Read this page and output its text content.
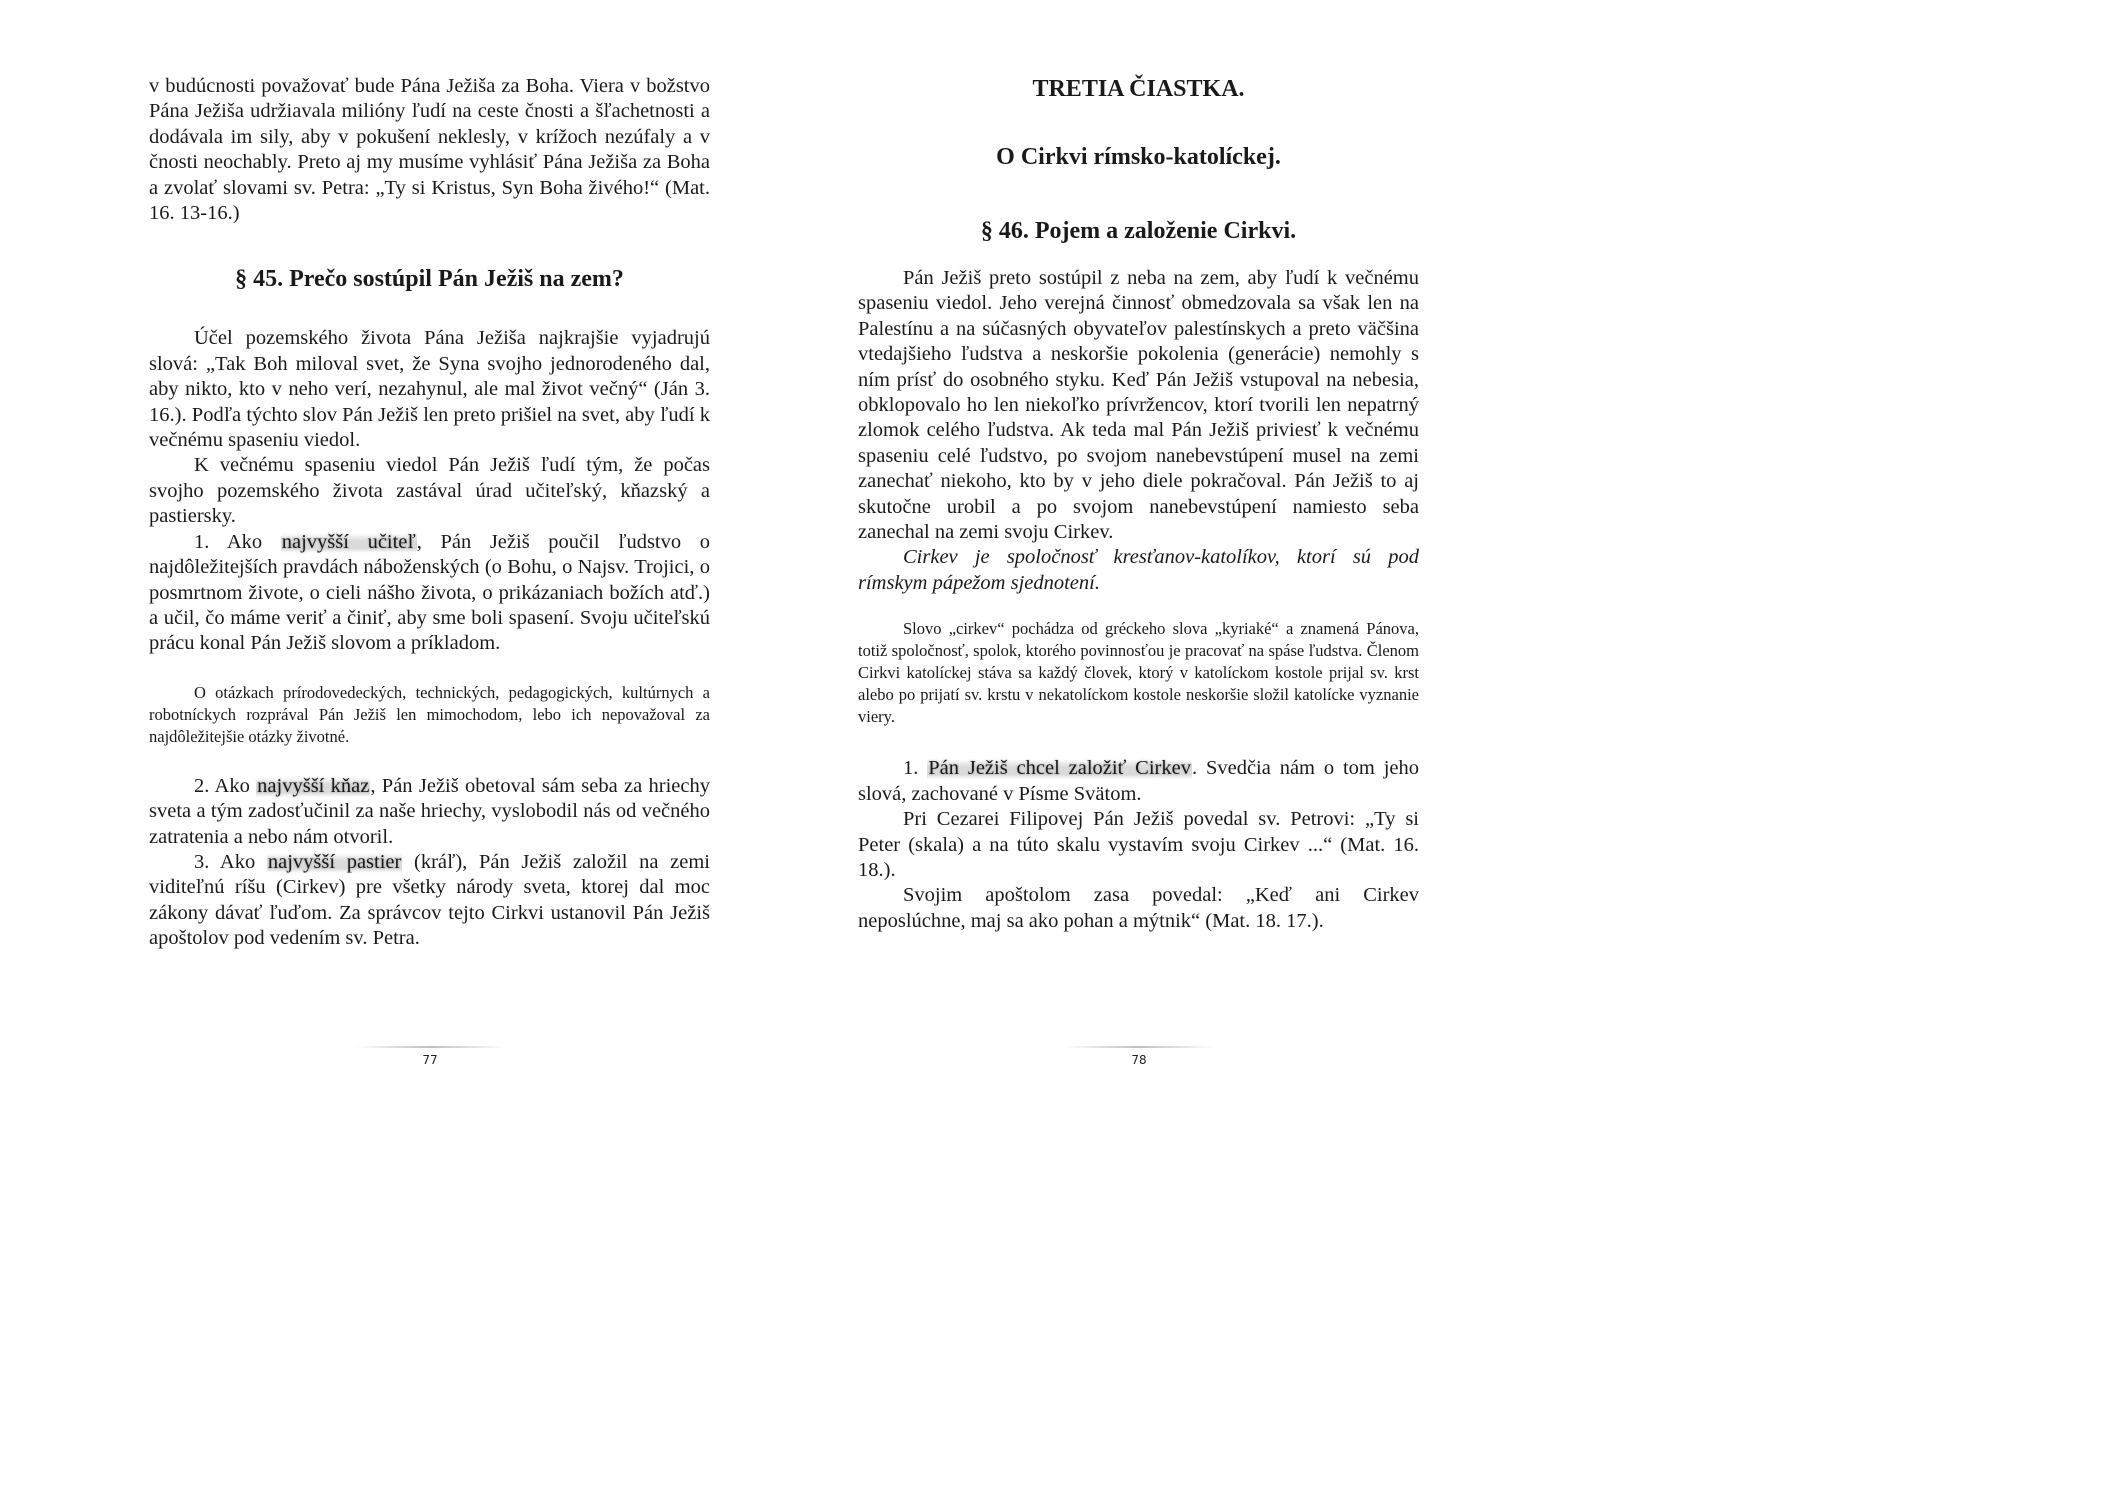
v budúcnosti považovať bude Pána Ježiša za Boha. Viera v božstvo Pána Ježiša udržiavala milióny ľudí na ceste čnosti a šľachetnosti a dodávala im sily, aby v pokušení neklesly, v krížoch nezúfaly a v čnosti neochably. Preto aj my musíme vyhlásiť Pána Ježiša za Boha a zvolať slovami sv. Petra: „Ty si Kristus, Syn Boha živého!“ (Mat. 16. 13-16.)

§ 45. Prečo sostúpil Pán Ježiš na zem?

Účel pozemského života Pána Ježiša najkrajšie vyjadrujú slová: „Tak Boh miloval svet, že Syna svojho jednorodeného dal, aby nikto, kto v neho verí, nezahynul, ale mal život večný“ (Ján 3. 16.). Podľa týchto slov Pán Ježiš len preto prišiel na svet, aby ľudí k večnému spaseniu viedol.

K večnému spaseniu viedol Pán Ježiš ľudí tým, že počas svojho pozemského života zastával úrad učiteľský, kňazský a pastiersky.

1. Ako najvyšší učiteľ, Pán Ježiš poučil ľudstvo o najdôležitejších pravdách náboženských (o Bohu, o Najsv. Trojici, o posmrtnom živote, o cieli nášho života, o prikázaniach božích atď.) a učil, čo máme veriť a činiť, aby sme boli spasení. Svoju učiteľskú prácu konal Pán Ježiš slovom a príkladom.

O otázkach prírodovedeckých, technických, pedagogických, kultúrnych a robotníckych rozprával Pán Ježiš len mimochodom, lebo ich nepovažoval za najdôležitejšie otázky životné.

2. Ako najvyšší kňaz, Pán Ježiš obetoval sám seba za hriechy sveta a tým zadosťučinil za naše hriechy, vyslobodil nás od večného zatratenia a nebo nám otvoril.

3. Ako najvyšší pastier (kráľ), Pán Ježiš založil na zemi viditeľnú ríšu (Cirkev) pre všetky národy sveta, ktorej dal moc zákony dávať ľuďom. Za správcov tejto Cirkvi ustanovil Pán Ježiš apoštolov pod vedením sv. Petra.

77
TRETIA ČIASTKA.
O Cirkvi rímsko-katolíckej.
§ 46. Pojem a založenie Cirkvi.

Pán Ježiš preto sostúpil z neba na zem, aby ľudí k večnému spaseniu viedol. Jeho verejná činnosť obmedzovala sa však len na Palestínu a na súčasných obyvateľov palestínskych a preto väčšina vtedajšieho ľudstva a neskoršie pokolenia (generácie) nemohly s ním prísť do osobného styku. Keď Pán Ježiš vstupoval na nebesia, obklopovalo ho len niekoľko prívržencov, ktorí tvorili len nepatrný zlomok celého ľudstva. Ak teda mal Pán Ježiš priviesť k večnému spaseniu celé ľudstvo, po svojom nanebevstúpení musel na zemi zanechať niekoho, kto by v jeho diele pokračoval. Pán Ježiš to aj skutočne urobil a po svojom nanebevstúpení namiesto seba zanechal na zemi svoju Cirkev.

Cirkev je spoločnosť kresťanov-katolíkov, ktorí sú pod rímskym pápežom sjednotení.

Slovo „cirkev“ pochádza od gréckeho slova „kyriaké“ a znamená Pánova, totiž spoločnosť, spolok, ktorého povinnosťou je pracovať na spáse ľudstva. Členom Cirkvi katolíckej stáva sa každý človek, ktorý v katolíckom kostole prijal sv. krst alebo po prijatí sv. krstu v nekatolíckom kostole neskoršie složil katolícke vyznanie viery.

1. Pán Ježiš chcel založiť Cirkev. Svedčia nám o tom jeho slová, zachované v Písme Svätom.

Pri Cezarei Filipovej Pán Ježiš povedal sv. Petrovi: „Ty si Peter (skala) a na túto skalu vystavím svoju Cirkev ...“ (Mat. 16. 18.).

Svojim apoštolom zasa povedal: „Keď ani Cirkev neposlúchne, maj sa ako pohan a mýtnik“ (Mat. 18. 17.).

78
